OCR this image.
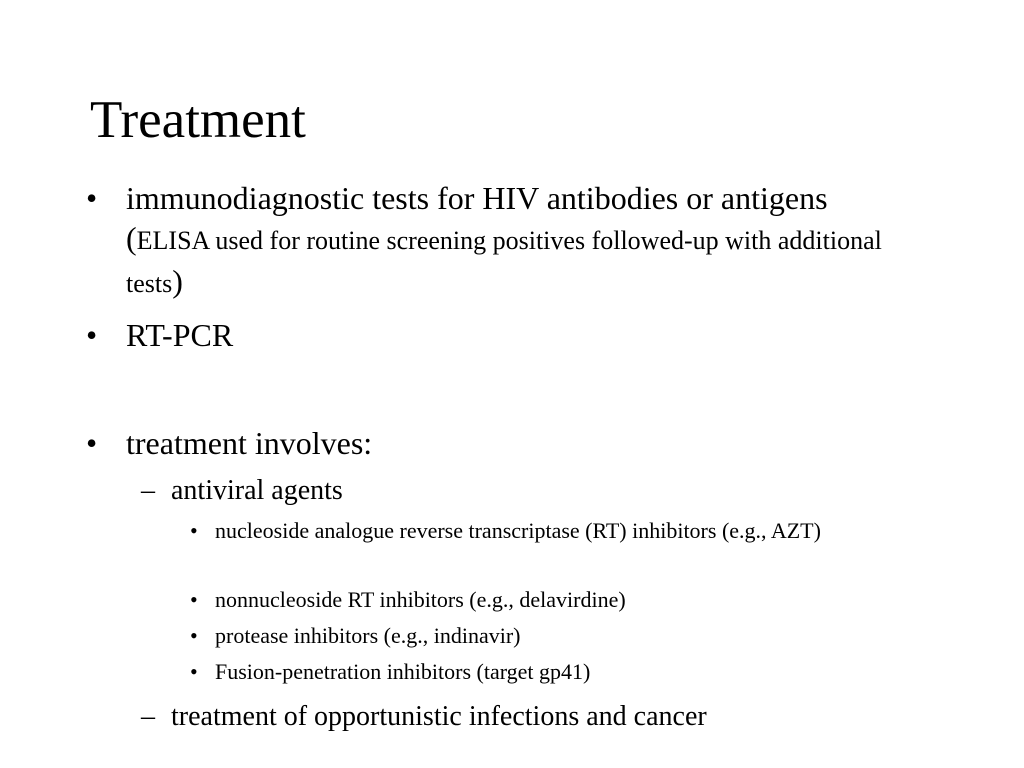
Treatment
• immunodiagnostic tests for HIV antibodies or antigens (ELISA used for routine screening positives followed-up with additional tests)
• RT-PCR
• treatment involves:
– antiviral agents
• nucleoside analogue reverse transcriptase (RT) inhibitors (e.g., AZT)
• nonnucleoside RT inhibitors (e.g., delavirdine)
• protease inhibitors (e.g., indinavir)
• Fusion-penetration inhibitors (target gp41)
– treatment of opportunistic infections and cancer
